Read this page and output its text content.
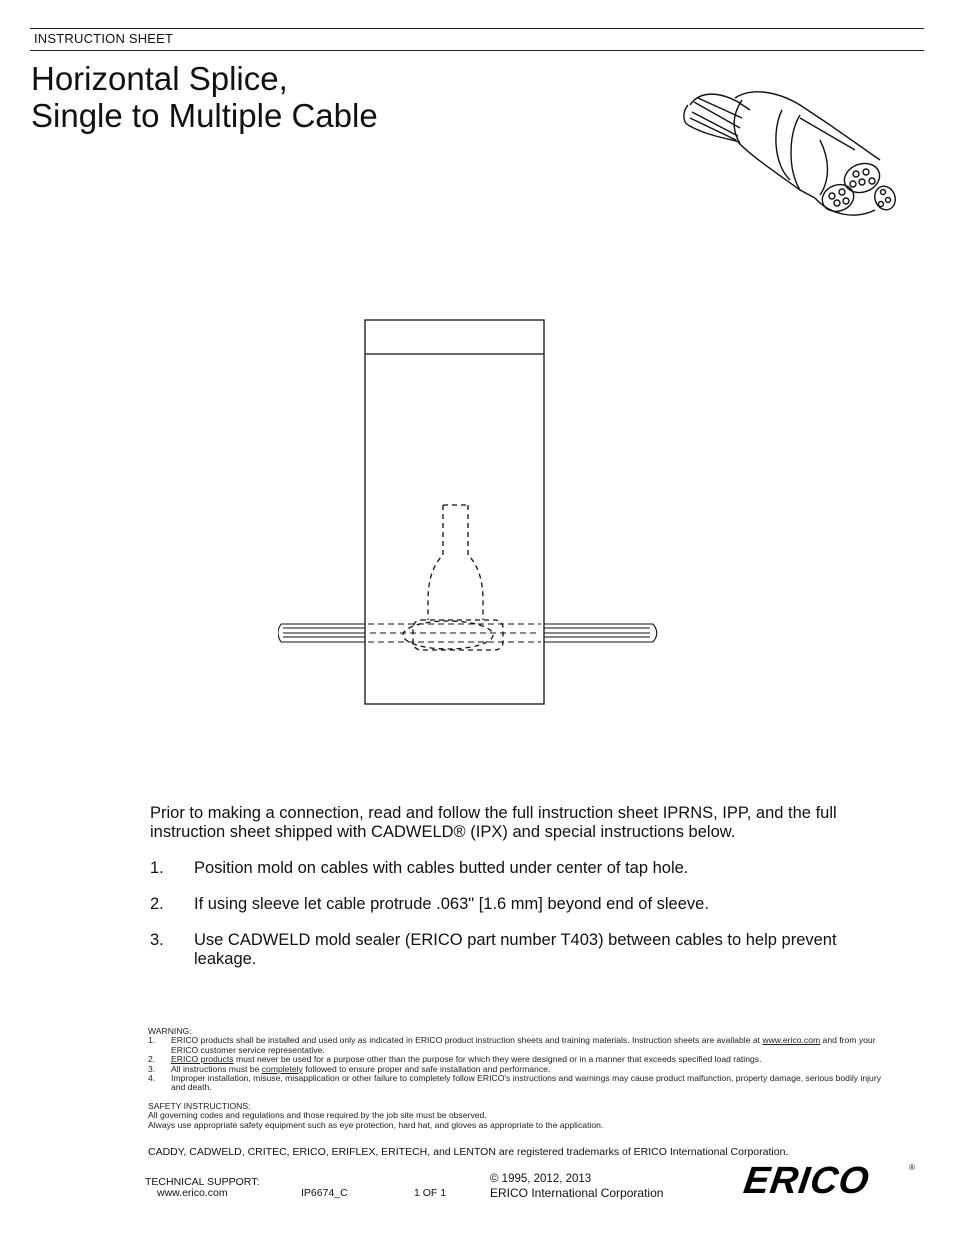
INSTRUCTION SHEET
Horizontal Splice,
Single to Multiple Cable
Prior to making a connection, read and follow the full instruction sheet IPRNS, IPP, and the full instruction sheet shipped with CADWELD® (IPX) and special instructions below.
1. Position mold on cables with cables butted under center of tap hole.
2. If using sleeve let cable protrude .063" [1.6 mm] beyond end of sleeve.
3. Use CADWELD mold sealer (ERICO part number T403) between cables to help prevent leakage.
WARNING:
1. ERICO products shall be installed and used only as indicated in ERICO product instruction sheets and training materials. Instruction sheets are available at www.erico.com and from your ERICO customer service representative.
2. ERICO products must never be used for a purpose other than the purpose for which they were designed or in a manner that exceeds specified load ratings.
3. All instructions must be completely followed to ensure proper and safe installation and performance.
4. Improper installation, misuse, misapplication or other failure to completely follow ERICO's instructions and warnings may cause product malfunction, property damage, serious bodily injury and death.
SAFETY INSTRUCTIONS:
All governing codes and regulations and those required by the job site must be observed.
Always use appropriate safety equipment such as eye protection, hard hat, and gloves as appropriate to the application.
CADDY, CADWELD, CRITEC, ERICO, ERIFLEX, ERITECH, and LENTON are registered trademarks of ERICO International Corporation.
TECHNICAL SUPPORT:
www.erico.com	IP6674_C	1 OF 1
© 1995, 2012, 2013
ERICO International Corporation ERICO	®
